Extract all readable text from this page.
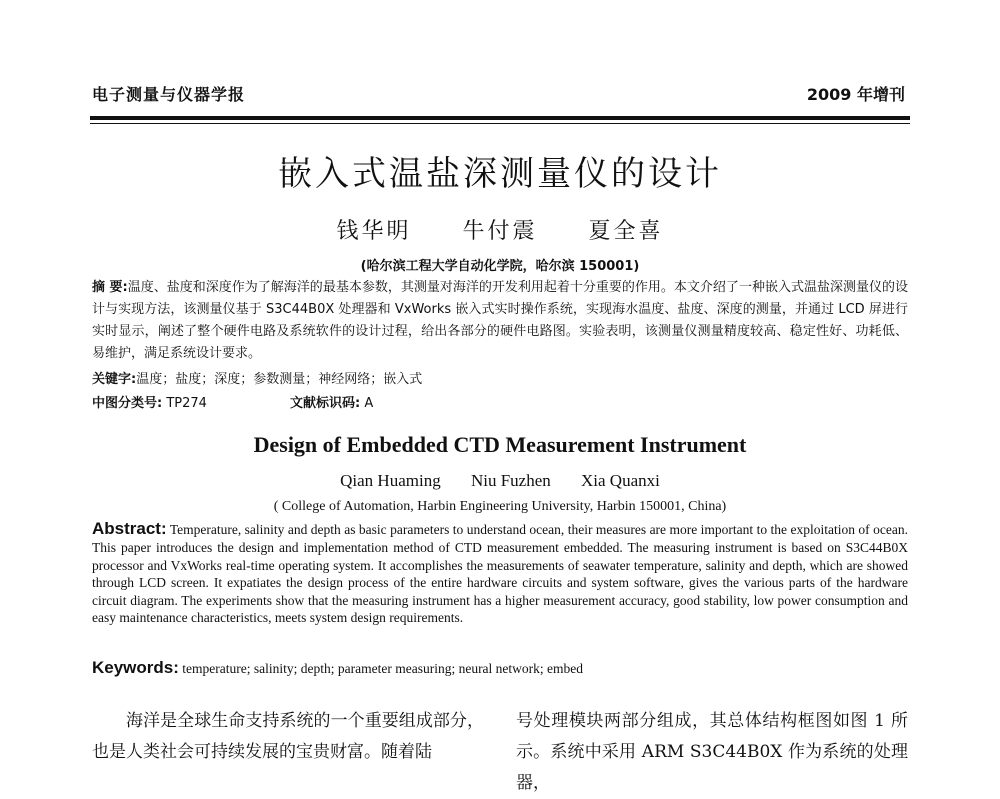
电子测量与仪器学报	2009 年增刊
嵌入式温盐深测量仪的设计
钱华明 牛付震 夏全喜
(哈尔滨工程大学自动化学院，哈尔滨 150001)
摘 要:温度、盐度和深度作为了解海洋的最基本参数，其测量对海洋的开发利用起着十分重要的作用。本文介绍了一种嵌入式温盐深测量仪的设计与实现方法，该测量仪基于 S3C44B0X 处理器和 VxWorks 嵌入式实时操作系统，实现海水温度、盐度、深度的测量，并通过 LCD 屏进行实时显示，阐述了整个硬件电路及系统软件的设计过程，给出各部分的硬件电路图。实验表明，该测量仪测量精度较高、稳定性好、功耗低、易维护，满足系统设计要求。
关键字:温度；盐度；深度；参数测量；神经网络；嵌入式
中图分类号: TP274	文献标识码: A
Design of Embedded CTD Measurement Instrument
Qian Huaming Niu Fuzhen Xia Quanxi
( College of Automation, Harbin Engineering University, Harbin 150001, China)
Abstract: Temperature, salinity and depth as basic parameters to understand ocean, their measures are more important to the exploitation of ocean. This paper introduces the design and implementation method of CTD measurement embedded. The measuring instrument is based on S3C44B0X processor and VxWorks real-time operating system. It accomplishes the measurements of seawater temperature, salinity and depth, which are showed through LCD screen. It expatiates the design process of the entire hardware circuits and system software, gives the various parts of the hardware circuit diagram. The experiments show that the measuring instrument has a higher measurement accuracy, good stability, low power consumption and easy maintenance characteristics, meets system design requirements.
Keywords: temperature; salinity; depth; parameter measuring; neural network; embed
海洋是全球生命支持系统的一个重要组成部分，也是人类社会可持续发展的宝贵财富。随着陆
号处理模块两部分组成，其总体结构框图如图 1 所示。系统中采用 ARM S3C44B0X 作为系统的处理器，
